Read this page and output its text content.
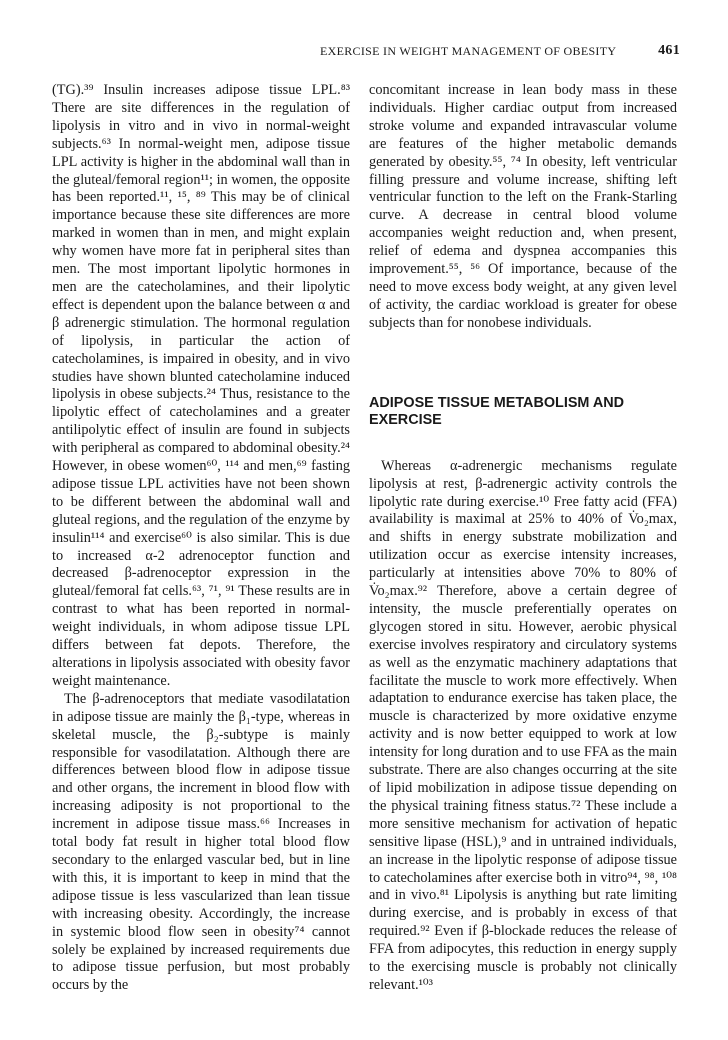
EXERCISE IN WEIGHT MANAGEMENT OF OBESITY	461

(TG).³⁹ Insulin increases adipose tissue LPL.⁸³ There are site differences in the regulation of lipolysis in vitro and in vivo in normal-weight subjects.⁶³ In normal-weight men, adipose tissue LPL activity is higher in the abdominal wall than in the gluteal/femoral region¹¹; in women, the opposite has been reported.¹¹, ¹⁵, ⁸⁹ This may be of clinical importance because these site differences are more marked in women than in men, and might explain why women have more fat in peripheral sites than men. The most important lipolytic hormones in men are the catecholamines, and their lipolytic effect is dependent upon the balance between α and β adrenergic stimulation. The hormonal regulation of lipolysis, in particular the action of catecholamines, is impaired in obesity, and in vivo studies have shown blunted catecholamine induced lipolysis in obese subjects.²⁴ Thus, resistance to the lipolytic effect of catecholamines and a greater antilipolytic effect of insulin are found in subjects with peripheral as compared to abdominal obesity.²⁴ However, in obese women⁶⁰, ¹¹⁴ and men,⁶⁹ fasting adipose tissue LPL activities have not been shown to be different between the abdominal wall and gluteal regions, and the regulation of the enzyme by insulin¹¹⁴ and exercise⁶⁰ is also similar. This is due to increased α-2 adrenoceptor function and decreased β-adrenoceptor expression in the gluteal/femoral fat cells.⁶³, ⁷¹, ⁹¹ These results are in contrast to what has been reported in normal-weight individuals, in whom adipose tissue LPL differs between fat depots. Therefore, the alterations in lipolysis associated with obesity favor weight maintenance.

The β-adrenoceptors that mediate vasodilatation in adipose tissue are mainly the β₁-type, whereas in skeletal muscle, the β₂-subtype is mainly responsible for vasodilatation. Although there are differences between blood flow in adipose tissue and other organs, the increment in blood flow with increasing adiposity is not proportional to the increment in adipose tissue mass.⁶⁶ Increases in total body fat result in higher total blood flow secondary to the enlarged vascular bed, but in line with this, it is important to keep in mind that the adipose tissue is less vascularized than lean tissue with increasing obesity. Accordingly, the increase in systemic blood flow seen in obesity⁷⁴ cannot solely be explained by increased requirements due to adipose tissue perfusion, but most probably occurs by the

concomitant increase in lean body mass in these individuals. Higher cardiac output from increased stroke volume and expanded intravascular volume are features of the higher metabolic demands generated by obesity.⁵⁵, ⁷⁴ In obesity, left ventricular filling pressure and volume increase, shifting left ventricular function to the left on the Frank-Starling curve. A decrease in central blood volume accompanies weight reduction and, when present, relief of edema and dyspnea accompanies this improvement.⁵⁵, ⁵⁶ Of importance, because of the need to move excess body weight, at any given level of activity, the cardiac workload is greater for obese subjects than for nonobese individuals.

ADIPOSE TISSUE METABOLISM AND EXERCISE

Whereas α-adrenergic mechanisms regulate lipolysis at rest, β-adrenergic activity controls the lipolytic rate during exercise.¹⁰ Free fatty acid (FFA) availability is maximal at 25% to 40% of V̇o₂max, and shifts in energy substrate mobilization and utilization occur as exercise intensity increases, particularly at intensities above 70% to 80% of V̇o₂max.⁹² Therefore, above a certain degree of intensity, the muscle preferentially operates on glycogen stored in situ. However, aerobic physical exercise involves respiratory and circulatory systems as well as the enzymatic machinery adaptations that facilitate the muscle to work more effectively. When adaptation to endurance exercise has taken place, the muscle is characterized by more oxidative enzyme activity and is now better equipped to work at low intensity for long duration and to use FFA as the main substrate. There are also changes occurring at the site of lipid mobilization in adipose tissue depending on the physical training fitness status.⁷² These include a more sensitive mechanism for activation of hepatic sensitive lipase (HSL),⁹ and in untrained individuals, an increase in the lipolytic response of adipose tissue to catecholamines after exercise both in vitro⁹⁴, ⁹⁸, ¹⁰⁸ and in vivo.⁸¹ Lipolysis is anything but rate limiting during exercise, and is probably in excess of that required.⁹² Even if β-blockade reduces the release of FFA from adipocytes, this reduction in energy supply to the exercising muscle is probably not clinically relevant.¹⁰³
